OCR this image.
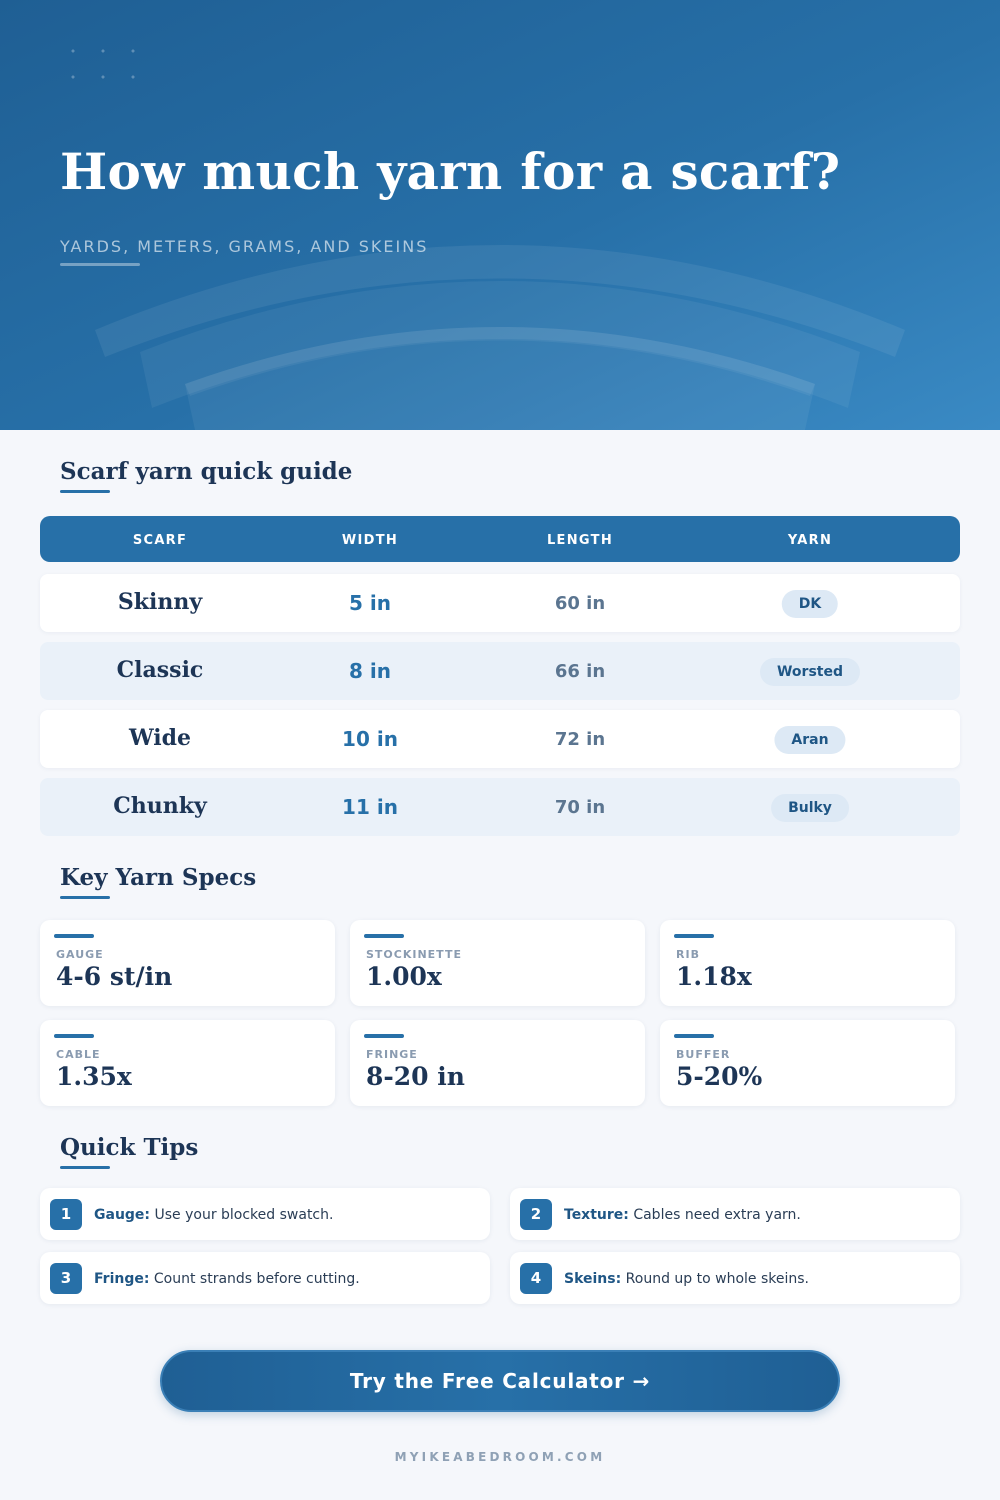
How much yarn for a scarf?
YARDS, METERS, GRAMS, AND SKEINS
Scarf yarn quick guide
SCARF	WIDTH	LENGTH	YARN
Skinny	5 in	60 in	DK
Classic	8 in	66 in	Worsted
Wide	10 in	72 in	Aran
Chunky	11 in	70 in	Bulky
Key Yarn Specs
GAUGE
4-6 st/in
STOCKINETTE
1.00x
RIB
1.18x
CABLE
1.35x
FRINGE
8-20 in
BUFFER
5-20%
Quick Tips
1	Gauge: Use your blocked swatch.	2	Texture: Cables need extra yarn.
3	Fringe: Count strands before cutting.	4	Skeins: Round up to whole skeins.
Try the Free Calculator →
MYIKEABEDROOM.COM
